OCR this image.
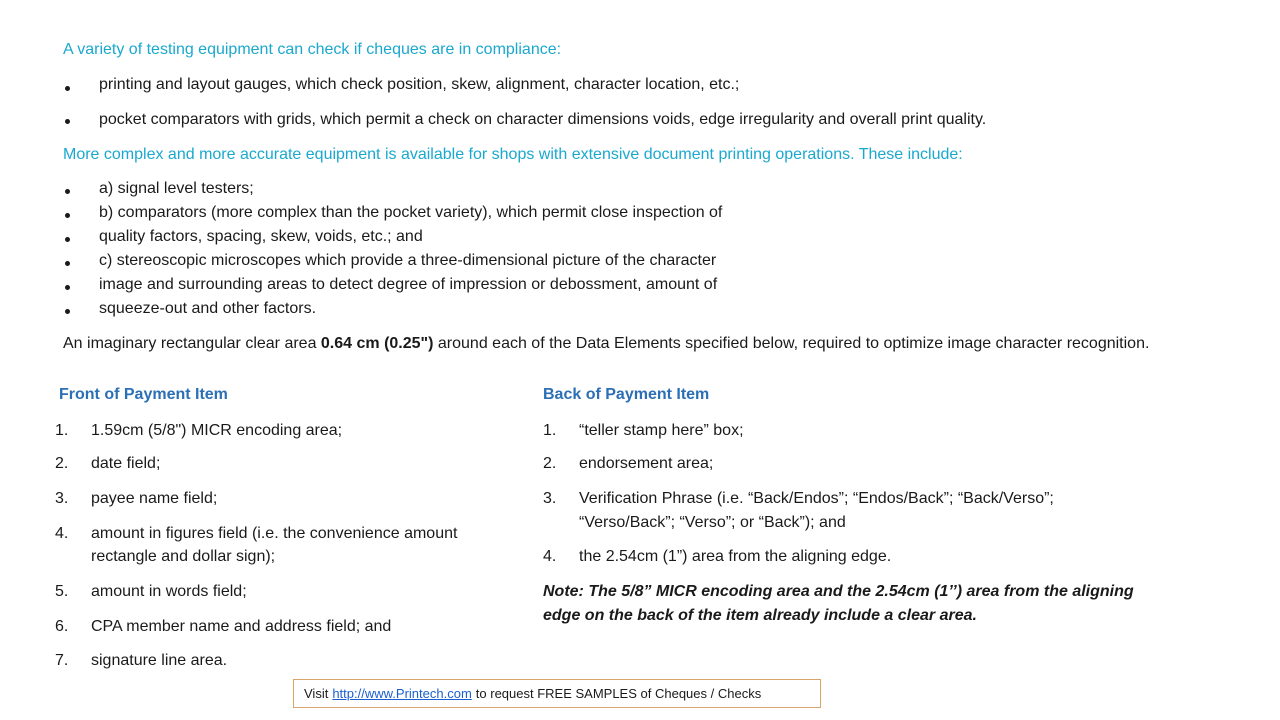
A variety of testing equipment can check if cheques are in compliance:
printing and layout gauges, which check position, skew, alignment, character location, etc.;
pocket comparators with grids, which permit a check on character dimensions voids, edge irregularity and overall print quality.
More complex and more accurate equipment is available for shops with extensive document printing operations. These include:
a) signal level testers;
b) comparators (more complex than the pocket variety), which permit close inspection of
quality factors, spacing, skew, voids, etc.; and
c) stereoscopic microscopes which provide a three-dimensional picture of the character
image and surrounding areas to detect degree of impression or debossment, amount of
squeeze-out and other factors.
An imaginary rectangular clear area 0.64 cm (0.25") around each of the Data Elements specified below, required to optimize image character recognition.
Front of Payment Item
1. 1.59cm (5/8") MICR encoding area;
2. date field;
3. payee name field;
4. amount in figures field (i.e. the convenience amount
rectangle and dollar sign);
5. amount in words field;
6. CPA member name and address field; and
7. signature line area.
Back of Payment Item
1. “teller stamp here” box;
2. endorsement area;
3. Verification Phrase (i.e. “Back/Endos”; “Endos/Back”; “Back/Verso”;
“Verso/Back”; “Verso”; or “Back”); and
4. the 2.54cm (1”) area from the aligning edge.
Note: The 5/8” MICR encoding area and the 2.54cm (1’’) area from the aligning
edge on the back of the item already include a clear area.
Visit http://www.Printech.com to request FREE SAMPLES of Cheques / Checks
